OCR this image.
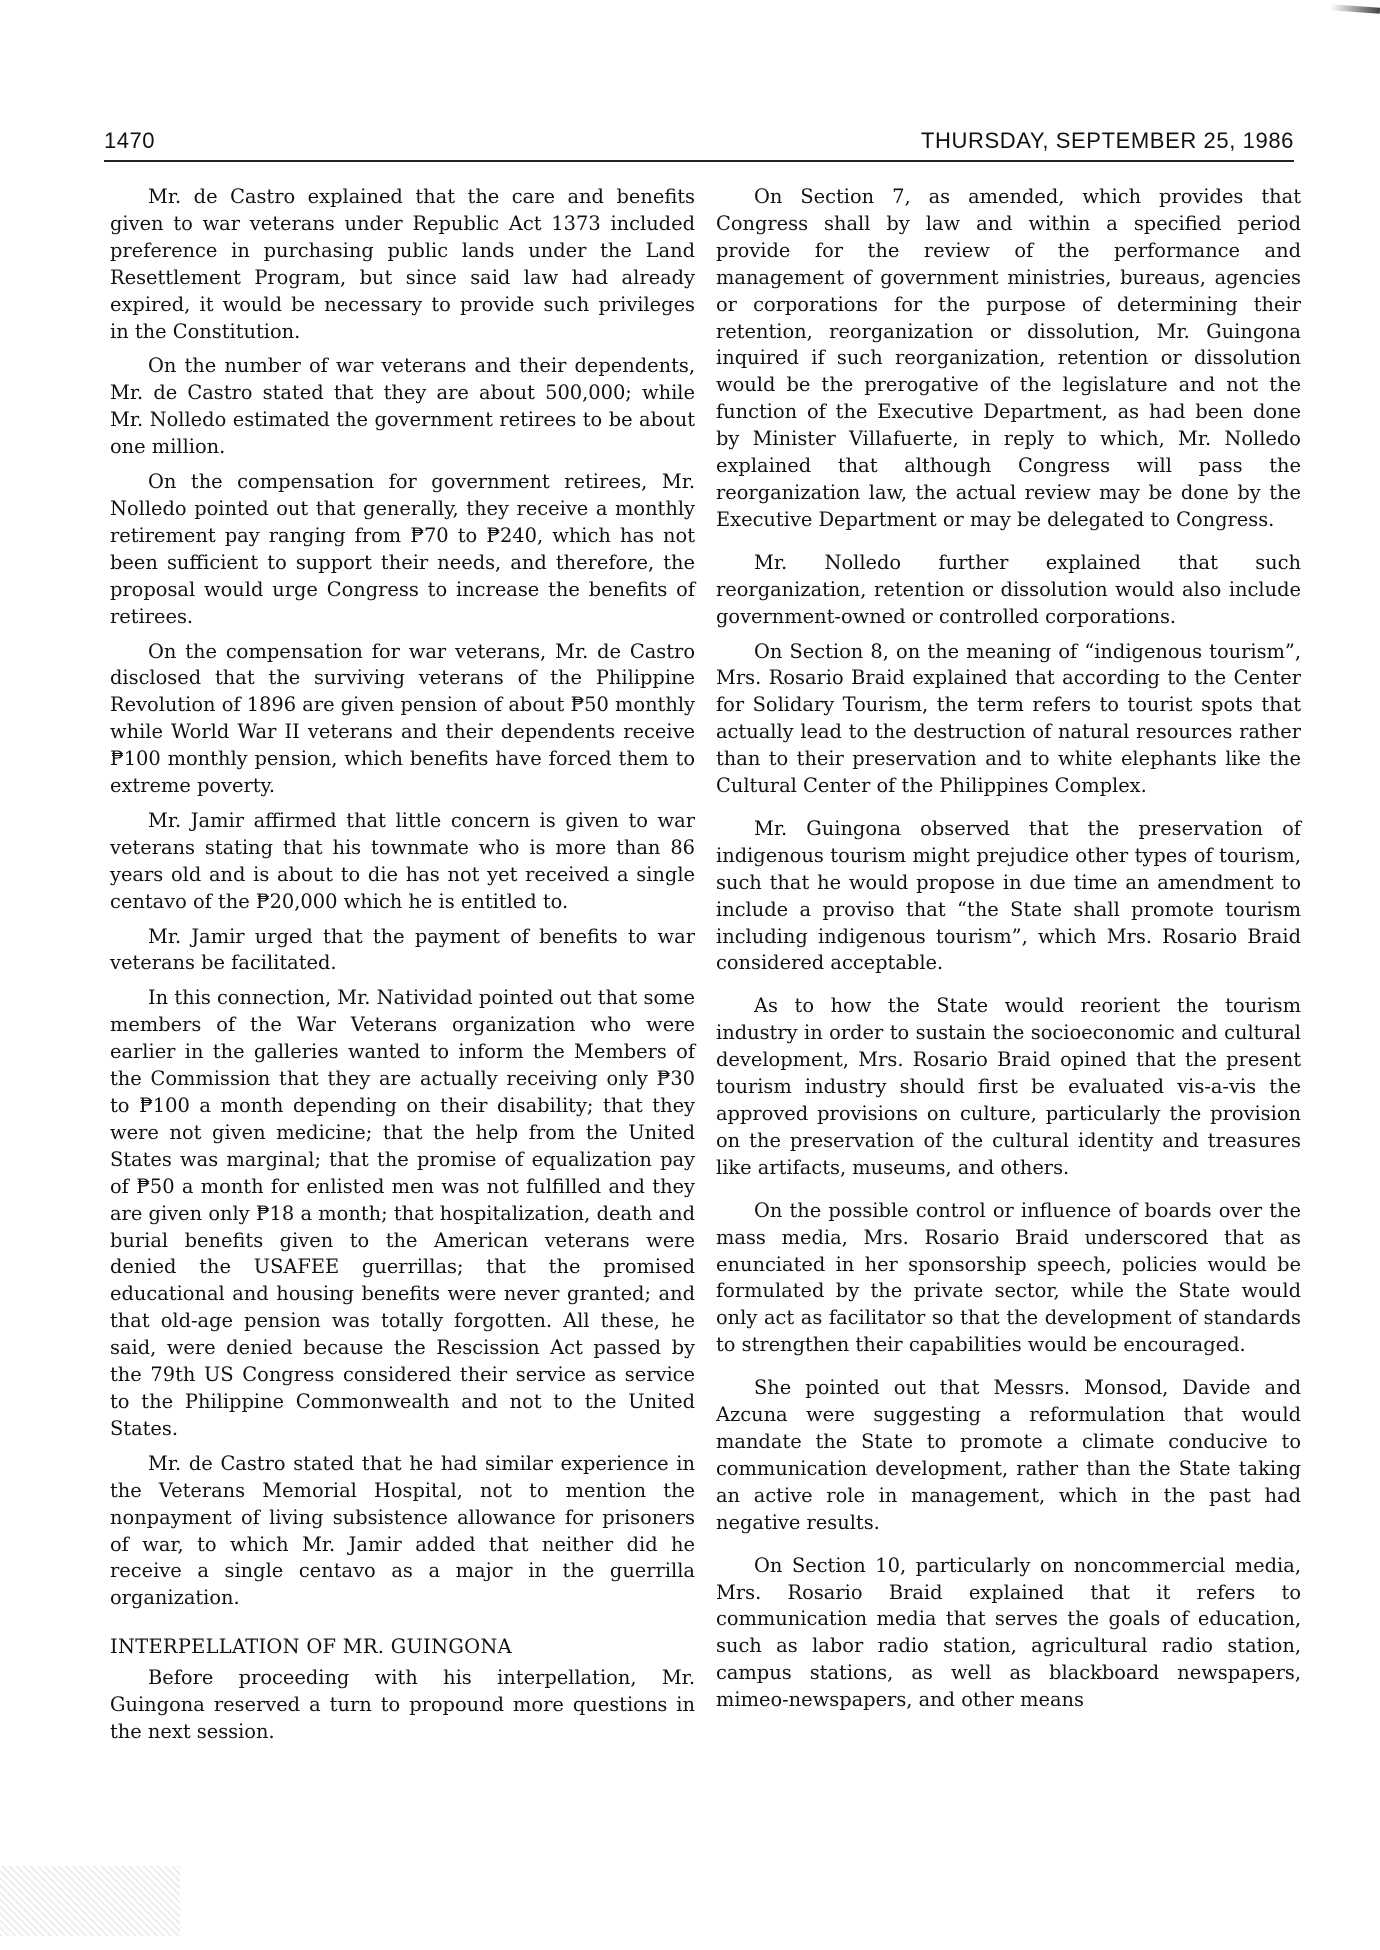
1470	THURSDAY, SEPTEMBER 25, 1986

Mr. de Castro explained that the care and benefits given to war veterans under Republic Act 1373 included preference in purchasing public lands under the Land Resettlement Program, but since said law had already expired, it would be necessary to provide such privileges in the Constitution.

On the number of war veterans and their dependents, Mr. de Castro stated that they are about 500,000; while Mr. Nolledo estimated the government retirees to be about one million.

On the compensation for government retirees, Mr. Nolledo pointed out that generally, they receive a monthly retirement pay ranging from ₱70 to ₱240, which has not been sufficient to support their needs, and therefore, the proposal would urge Congress to increase the benefits of retirees.

On the compensation for war veterans, Mr. de Castro disclosed that the surviving veterans of the Philippine Revolution of 1896 are given pension of about ₱50 monthly while World War II veterans and their dependents receive ₱100 monthly pension, which benefits have forced them to extreme poverty.

Mr. Jamir affirmed that little concern is given to war veterans stating that his townmate who is more than 86 years old and is about to die has not yet received a single centavo of the ₱20,000 which he is entitled to.

Mr. Jamir urged that the payment of benefits to war veterans be facilitated.

In this connection, Mr. Natividad pointed out that some members of the War Veterans organization who were earlier in the galleries wanted to inform the Members of the Commission that they are actually receiving only ₱30 to ₱100 a month depending on their disability; that they were not given medicine; that the help from the United States was marginal; that the promise of equalization pay of ₱50 a month for enlisted men was not fulfilled and they are given only ₱18 a month; that hospitalization, death and burial benefits given to the American veterans were denied the USAFEE guerrillas; that the promised educational and housing benefits were never granted; and that old-age pension was totally forgotten. All these, he said, were denied because the Rescission Act passed by the 79th US Congress considered their service as service to the Philippine Commonwealth and not to the United States.

Mr. de Castro stated that he had similar experience in the Veterans Memorial Hospital, not to mention the nonpayment of living subsistence allowance for prisoners of war, to which Mr. Jamir added that neither did he receive a single centavo as a major in the guerrilla organization.

INTERPELLATION OF MR. GUINGONA

Before proceeding with his interpellation, Mr. Guingona reserved a turn to propound more questions in the next session.

On Section 7, as amended, which provides that Congress shall by law and within a specified period provide for the review of the performance and management of government ministries, bureaus, agencies or corporations for the purpose of determining their retention, reorganization or dissolution, Mr. Guingona inquired if such reorganization, retention or dissolution would be the prerogative of the legislature and not the function of the Executive Department, as had been done by Minister Villafuerte, in reply to which, Mr. Nolledo explained that although Congress will pass the reorganization law, the actual review may be done by the Executive Department or may be delegated to Congress.

Mr. Nolledo further explained that such reorganization, retention or dissolution would also include government-owned or controlled corporations.

On Section 8, on the meaning of “indigenous tourism”, Mrs. Rosario Braid explained that according to the Center for Solidary Tourism, the term refers to tourist spots that actually lead to the destruction of natural resources rather than to their preservation and to white elephants like the Cultural Center of the Philippines Complex.

Mr. Guingona observed that the preservation of indigenous tourism might prejudice other types of tourism, such that he would propose in due time an amendment to include a proviso that “the State shall promote tourism including indigenous tourism”, which Mrs. Rosario Braid considered acceptable.

As to how the State would reorient the tourism industry in order to sustain the socioeconomic and cultural development, Mrs. Rosario Braid opined that the present tourism industry should first be evaluated vis-a-vis the approved provisions on culture, particularly the provision on the preservation of the cultural identity and treasures like artifacts, museums, and others.

On the possible control or influence of boards over the mass media, Mrs. Rosario Braid underscored that as enunciated in her sponsorship speech, policies would be formulated by the private sector, while the State would only act as facilitator so that the development of standards to strengthen their capabilities would be encouraged.

She pointed out that Messrs. Monsod, Davide and Azcuna were suggesting a reformulation that would mandate the State to promote a climate conducive to communication development, rather than the State taking an active role in management, which in the past had negative results.

On Section 10, particularly on noncommercial media, Mrs. Rosario Braid explained that it refers to communication media that serves the goals of education, such as labor radio station, agricultural radio station, campus stations, as well as blackboard newspapers, mimeo-newspapers, and other means
